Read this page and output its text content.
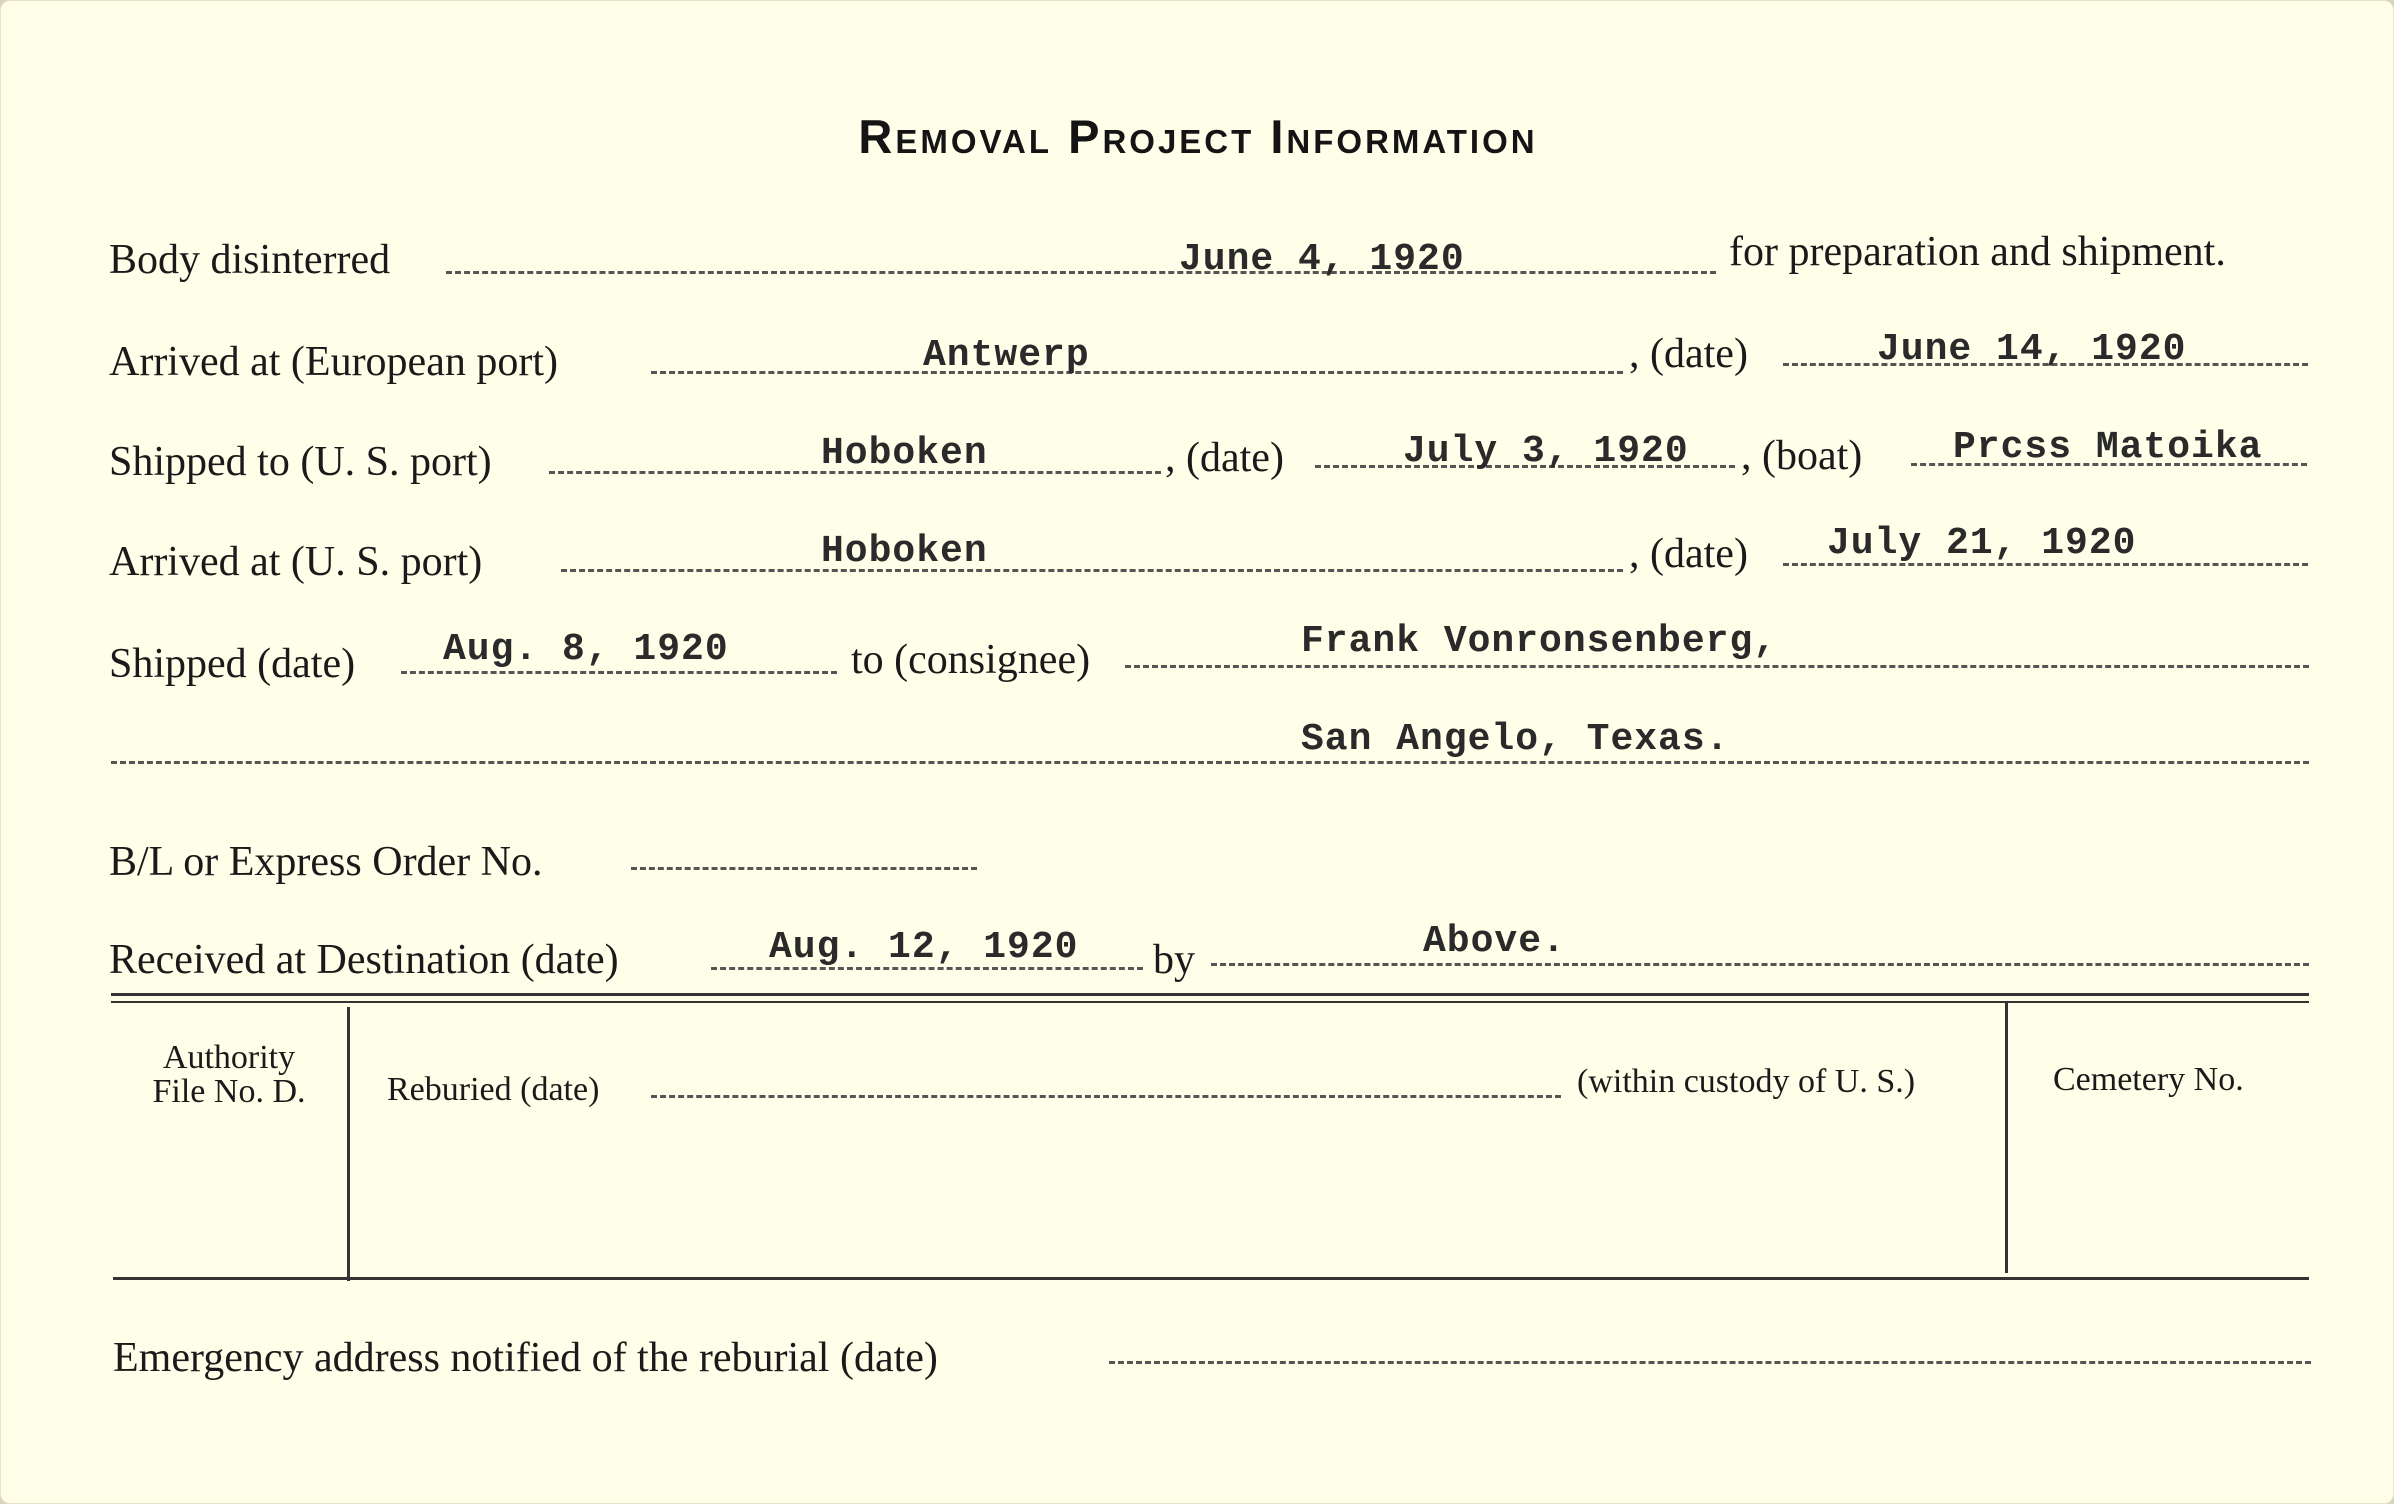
Removal Project Information
Body disinterred	June 4, 1920	for preparation and shipment.
Arrived at (European port)	Antwerp	, (date)	June 14, 1920
Shipped to (U. S. port)	Hoboken	, (date)	July 3, 1920 , (boat) Prcss Matoika
Arrived at (U. S. port)	Hoboken	, (date) July 21, 1920
Shipped (date) Aug. 8, 1920	to (consignee)	Frank Vonronsenberg,
San Angelo, Texas.
B/L or Express Order No.
Received at Destination (date)	Aug. 12, 1920 by	Above.
Authority
File No. D.	Reburied (date)	(within custody of U. S.)	Cemetery No.
Emergency address notified of the reburial (date)
